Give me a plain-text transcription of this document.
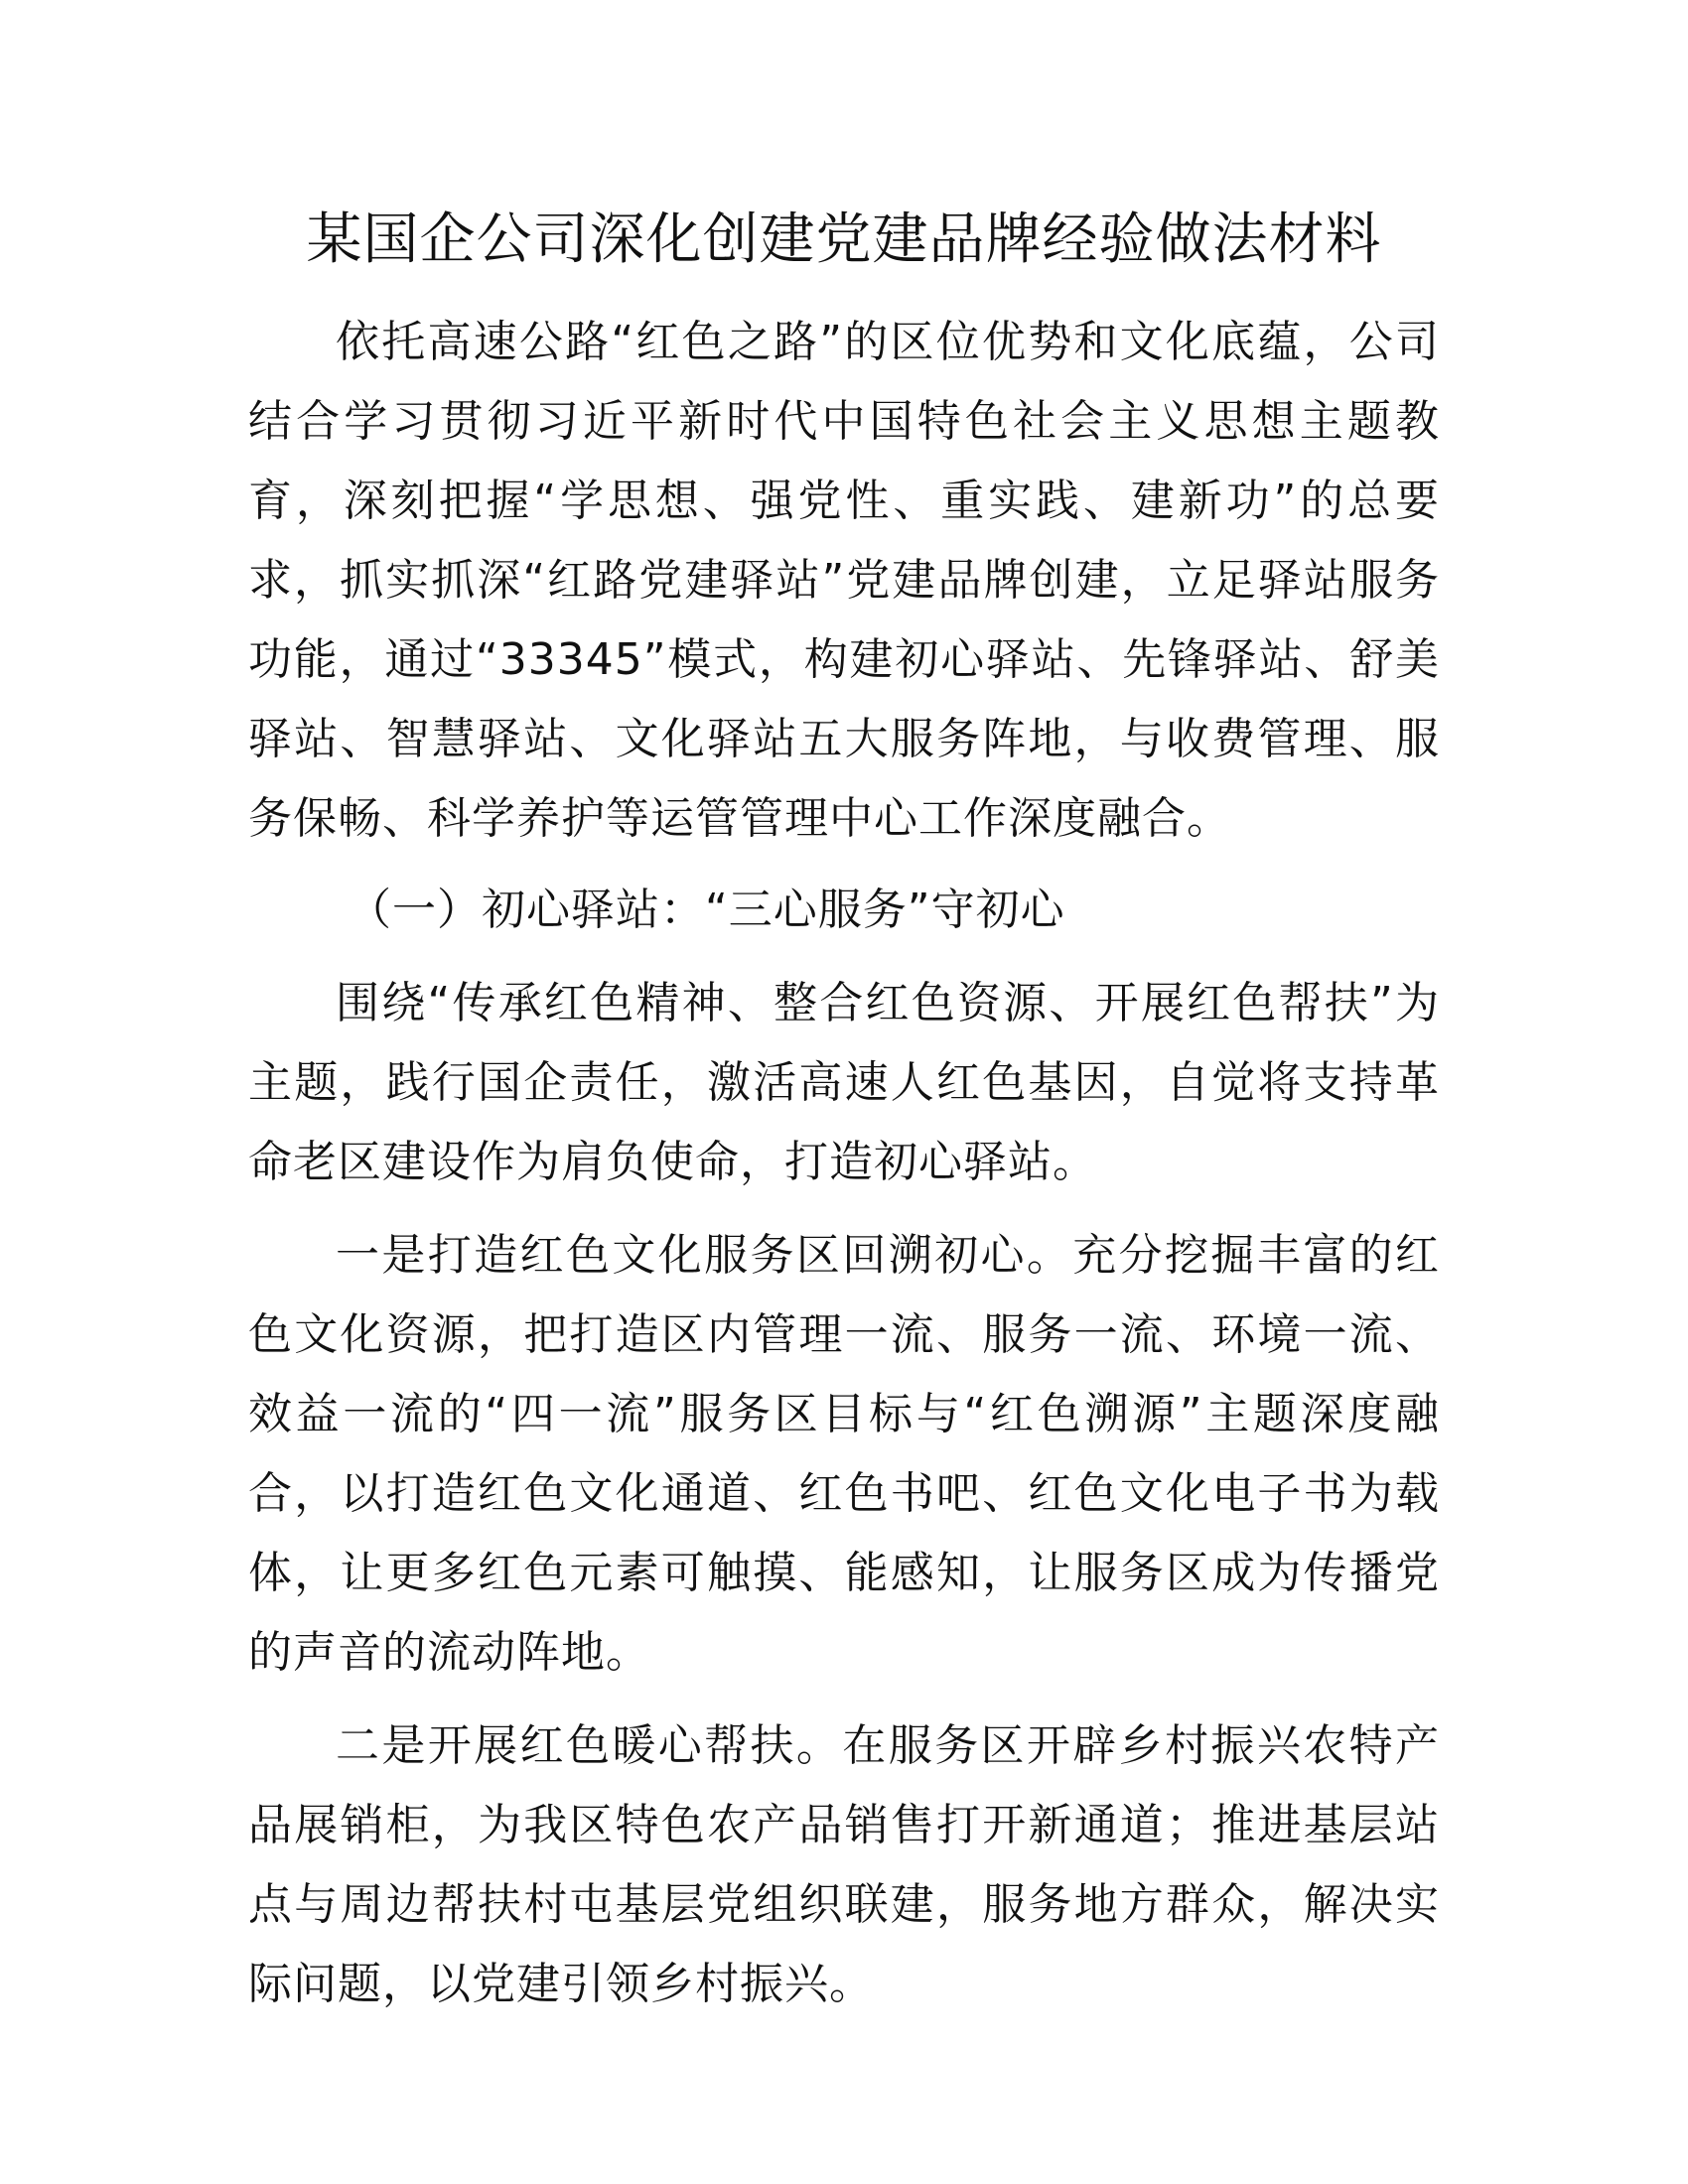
某国企公司深化创建党建品牌经验做法材料

依托高速公路“红色之路”的区位优势和文化底蕴，公司结合学习贯彻习近平新时代中国特色社会主义思想主题教育，深刻把握“学思想、强党性、重实践、建新功”的总要求，抓实抓深“红路党建驿站”党建品牌创建，立足驿站服务功能，通过“33345”模式，构建初心驿站、先锋驿站、舒美驿站、智慧驿站、文化驿站五大服务阵地，与收费管理、服务保畅、科学养护等运管管理中心工作深度融合。

（一）初心驿站：“三心服务”守初心

围绕“传承红色精神、整合红色资源、开展红色帮扶”为主题，践行国企责任，激活高速人红色基因，自觉将支持革命老区建设作为肩负使命，打造初心驿站。

一是打造红色文化服务区回溯初心。充分挖掘丰富的红色文化资源，把打造区内管理一流、服务一流、环境一流、效益一流的“四一流”服务区目标与“红色溯源”主题深度融合，以打造红色文化通道、红色书吧、红色文化电子书为载体，让更多红色元素可触摸、能感知，让服务区成为传播党的声音的流动阵地。

二是开展红色暖心帮扶。在服务区开辟乡村振兴农特产品展销柜，为我区特色农产品销售打开新通道；推进基层站点与周边帮扶村屯基层党组织联建，服务地方群众，解决实际问题，以党建引领乡村振兴。
